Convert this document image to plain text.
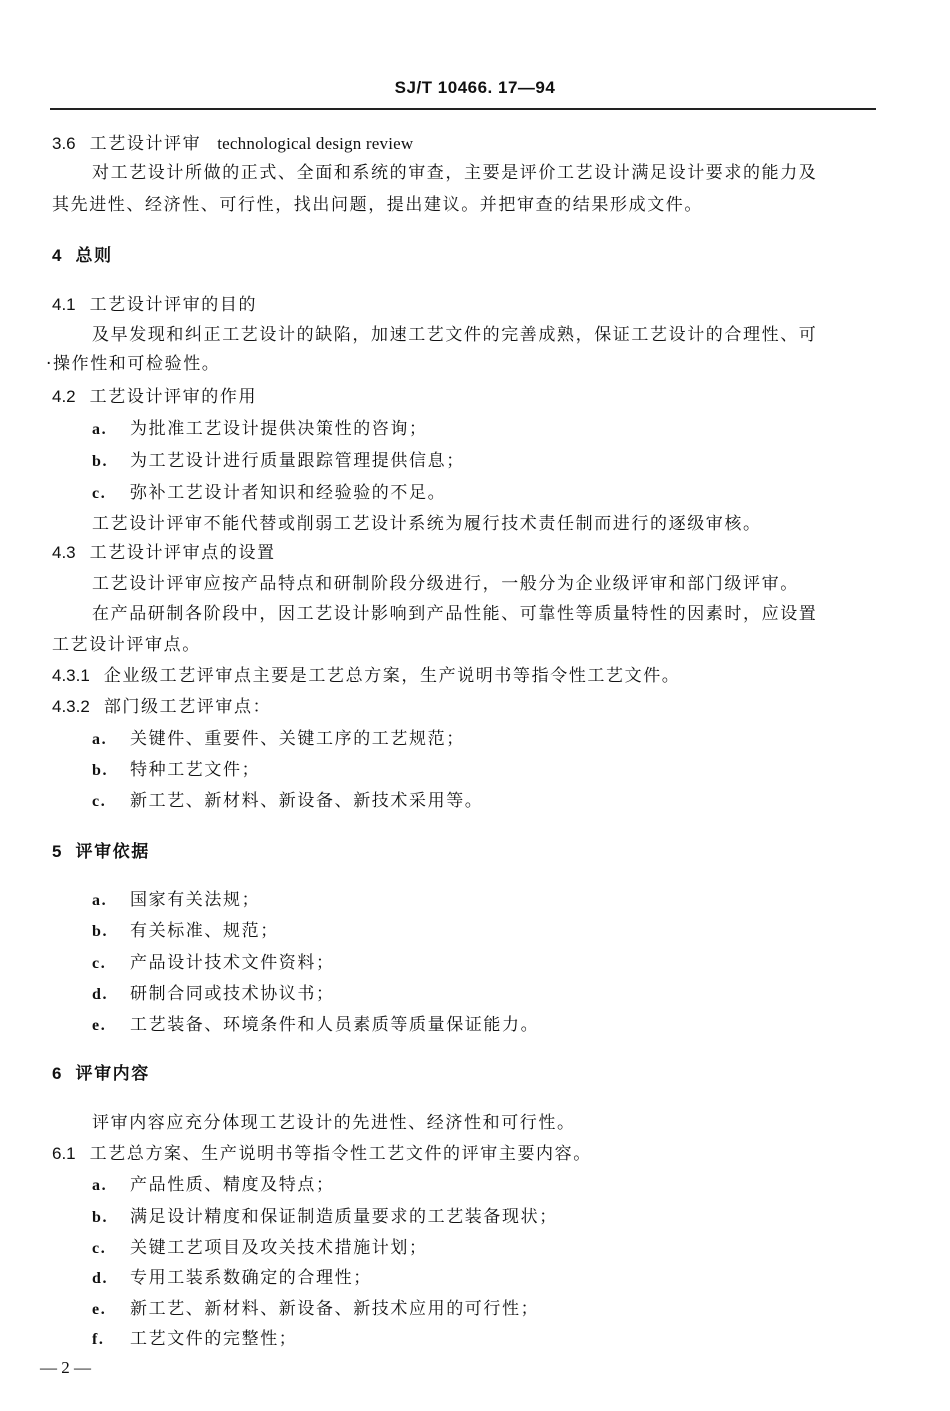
SJ/T 10466. 17—94
3.6 工艺设计评审 technological design review
对工艺设计所做的正式、全面和系统的审查，主要是评价工艺设计满足设计要求的能力及
其先进性、经济性、可行性，找出问题，提出建议。并把审查的结果形成文件。
4 总则
4.1 工艺设计评审的目的
及早发现和纠正工艺设计的缺陷，加速工艺文件的完善成熟，保证工艺设计的合理性、可
·操作性和可检验性。
4.2 工艺设计评审的作用
a. 为批准工艺设计提供决策性的咨询；
b. 为工艺设计进行质量跟踪管理提供信息；
c. 弥补工艺设计者知识和经验验的不足。
工艺设计评审不能代替或削弱工艺设计系统为履行技术责任制而进行的逐级审核。
4.3 工艺设计评审点的设置
工艺设计评审应按产品特点和研制阶段分级进行，一般分为企业级评审和部门级评审。
在产品研制各阶段中，因工艺设计影响到产品性能、可靠性等质量特性的因素时，应设置
工艺设计评审点。
4.3.1 企业级工艺评审点主要是工艺总方案，生产说明书等指令性工艺文件。
4.3.2 部门级工艺评审点：
a. 关键件、重要件、关键工序的工艺规范；
b. 特种工艺文件；
c. 新工艺、新材料、新设备、新技术采用等。
5 评审依据
a. 国家有关法规；
b. 有关标准、规范；
c. 产品设计技术文件资料；
d. 研制合同或技术协议书；
e. 工艺装备、环境条件和人员素质等质量保证能力。
6 评审内容
评审内容应充分体现工艺设计的先进性、经济性和可行性。
6.1 工艺总方案、生产说明书等指令性工艺文件的评审主要内容。
a. 产品性质、精度及特点；
b. 满足设计精度和保证制造质量要求的工艺装备现状；
c. 关键工艺项目及攻关技术措施计划；
d. 专用工装系数确定的合理性；
e. 新工艺、新材料、新设备、新技术应用的可行性；
f. 工艺文件的完整性；
— 2 —
